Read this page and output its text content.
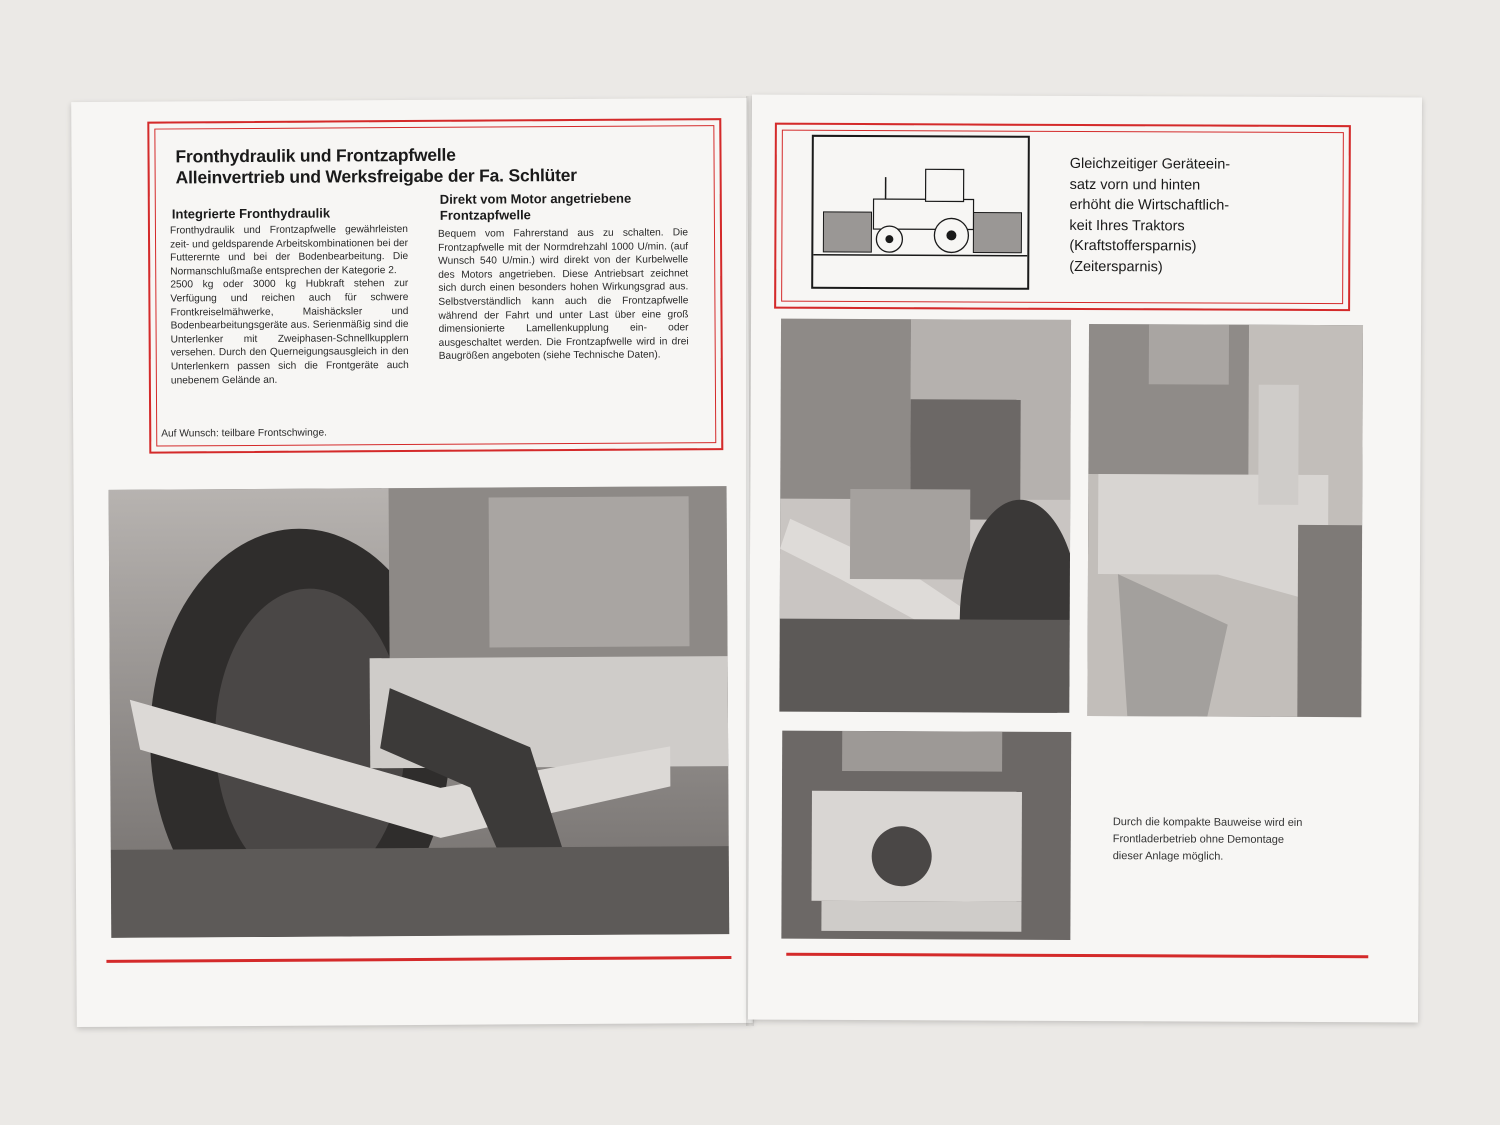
Fronthydraulik und Frontzapfwelle
Alleinvertrieb und Werksfreigabe der Fa. Schlüter
Integrierte Fronthydraulik
Fronthydraulik und Frontzapfwelle gewährleisten zeit- und geldsparende Arbeitskombinationen bei der Futterernte und bei der Bodenbearbeitung. Die Normanschlußmaße entsprechen der Kategorie 2.
2500 kg oder 3000 kg Hubkraft stehen zur Verfügung und reichen auch für schwere Frontkreiselmähwerke, Maishäcksler und Bodenbearbeitungsgeräte aus. Serienmäßig sind die Unterlenker mit Zweiphasen-Schnellkupplern versehen. Durch den Querneigungsausgleich in den Unterlenkern passen sich die Frontgeräte auch unebenem Gelände an.
Auf Wunsch: teilbare Frontschwinge.
Direkt vom Motor angetriebene
Frontzapfwelle
Bequem vom Fahrerstand aus zu schalten. Die Frontzapfwelle mit der Normdrehzahl 1000 U/min. (auf Wunsch 540 U/min.) wird direkt von der Kurbelwelle des Motors angetrieben. Diese Antriebsart zeichnet sich durch einen besonders hohen Wirkungsgrad aus. Selbstverständlich kann auch die Frontzapfwelle während der Fahrt und unter Last über eine groß dimensionierte Lamellenkupplung ein- oder ausgeschaltet werden. Die Frontzapfwelle wird in drei Baugrößen angeboten (siehe Technische Daten).
Gleichzeitiger Geräteein-
satz vorn und hinten
erhöht die Wirtschaftlich-
keit Ihres Traktors
(Kraftstoffersparnis)
(Zeitersparnis)
Durch die kompakte Bauweise wird ein
Frontladerbetrieb ohne Demontage
dieser Anlage möglich.
